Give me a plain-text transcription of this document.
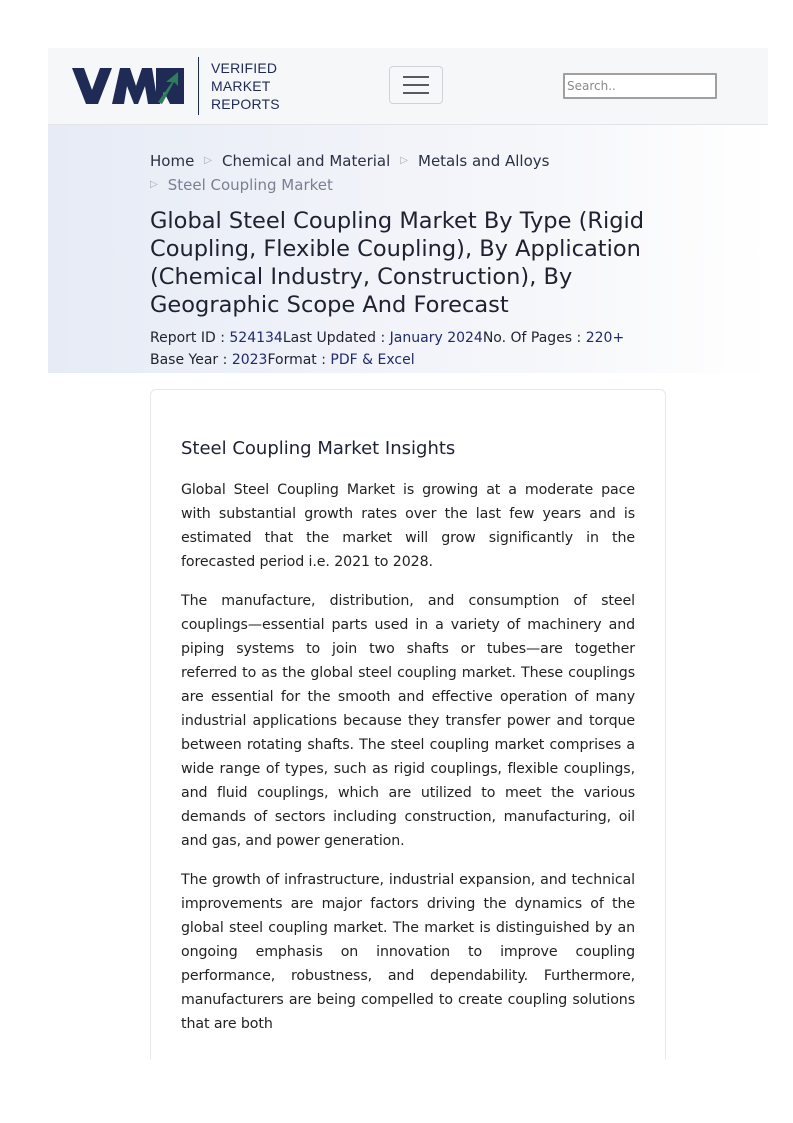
VERIFIED
MARKET
REPORTS
Search..
Home ▷ Chemical and Material ▷ Metals and Alloys
▷ Steel Coupling Market
Global Steel Coupling Market By Type (Rigid Coupling, Flexible Coupling), By Application (Chemical Industry, Construction), By Geographic Scope And Forecast
Report ID : 524134Last Updated : January 2024No. Of Pages : 220+
Base Year : 2023Format : PDF & Excel
Steel Coupling Market Insights

Global Steel Coupling Market is growing at a moderate pace with substantial growth rates over the last few years and is estimated that the market will grow significantly in the forecasted period i.e. 2021 to 2028.

The manufacture, distribution, and consumption of steel couplings—essential parts used in a variety of machinery and piping systems to join two shafts or tubes—are together referred to as the global steel coupling market. These couplings are essential for the smooth and effective operation of many industrial applications because they transfer power and torque between rotating shafts. The steel coupling market comprises a wide range of types, such as rigid couplings, flexible couplings, and fluid couplings, which are utilized to meet the various demands of sectors including construction, manufacturing, oil and gas, and power generation.

The growth of infrastructure, industrial expansion, and technical improvements are major factors driving the dynamics of the global steel coupling market. The market is distinguished by an ongoing emphasis on innovation to improve coupling performance, robustness, and dependability. Furthermore, manufacturers are being compelled to create coupling solutions that are both
